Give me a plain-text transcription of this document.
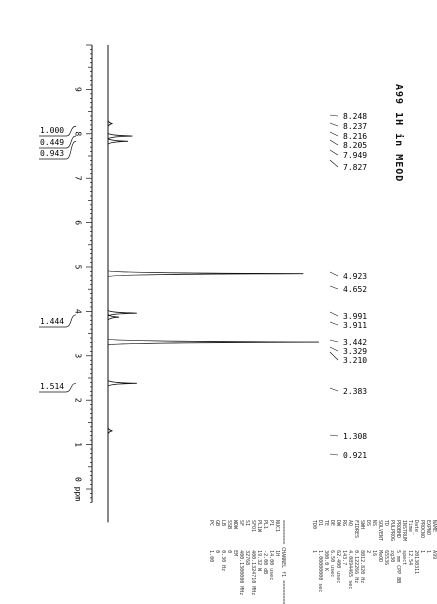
9
8
7
6
5
4
3
2
1
0 ppm
1.000
0.449
0.943
1.444
1.514
8.248
8.237
8.216
8.205
7.949
7.827
4.923
4.652
3.991
3.911
3.442
3.329
3.210
2.383
1.308
0.921
A99 1H in MEOD
NAME      A99
EXPNO     1
PROCNO    1
Date_     20130311
Time      12.54
INSTRUM   spect
PROBHD    5 mm CPP BB
PULPROG   zg30
TD        65536
SOLVENT   MeOD
NS        16
DS        2
SWH       8012.820 Hz
FIDRES    0.122266 Hz
AQ        4.0894465 sec
RG        143.7
DW        62.400 usec
DE        6.50 usec
TE        300.0 K
D1        1.00000000 sec
TD0       1
======== CHANNEL f1 ========
NUC1      1H
P1        14.00 usec
PL1       -2.00 dB
PL1W      19.32 W
SFO1      400.1324710 MHz
SI        32768
SF        400.1300000 MHz
WDW       EM
SSB       0
LB        0.30 Hz
GB        0
PC        1.00
